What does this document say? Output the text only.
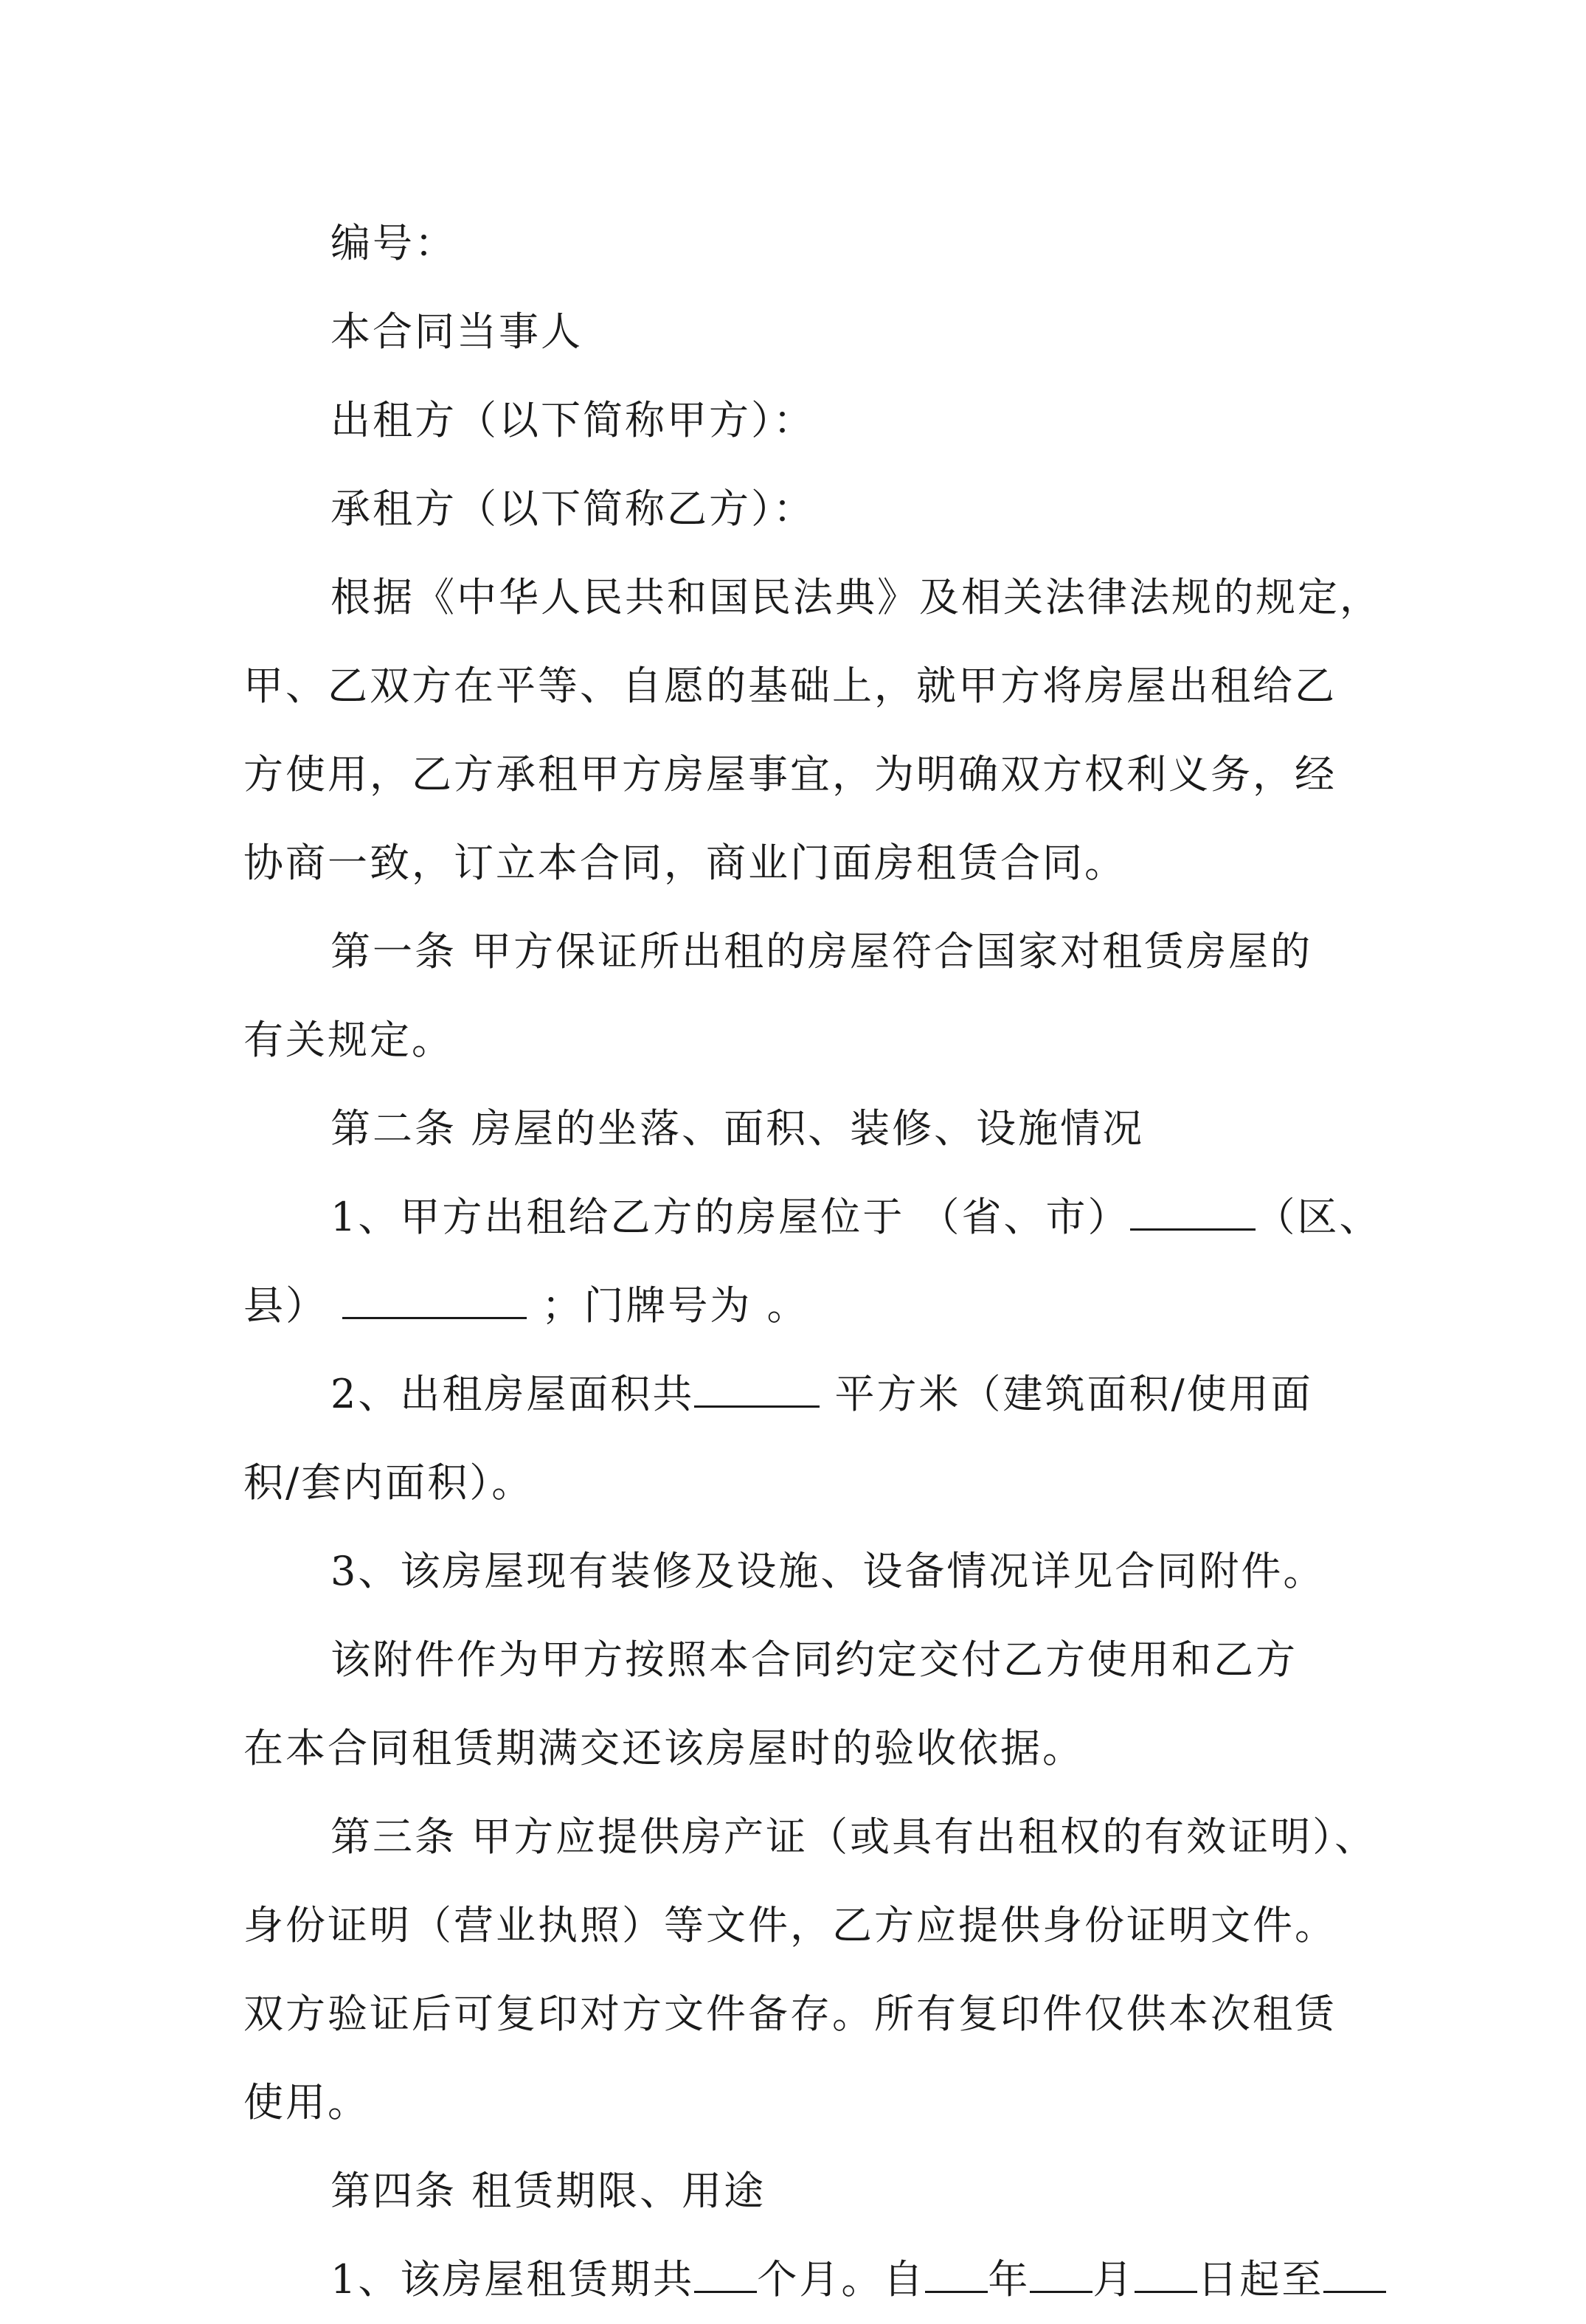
编号：
本合同当事人
出租方（以下简称甲方）：
承租方（以下简称乙方）：
根据《中华人民共和国民法典》及相关法律法规的规定，
甲、乙双方在平等、自愿的基础上，就甲方将房屋出租给乙
方使用，乙方承租甲方房屋事宜，为明确双方权利义务，经
协商一致，订立本合同，商业门面房租赁合同。
第一条 甲方保证所出租的房屋符合国家对租赁房屋的
有关规定。
第二条 房屋的坐落、面积、装修、设施情况
1、甲方出租给乙方的房屋位于 （省、市）	（区、
县）	；门牌号为 。
2、出租房屋面积共	平方米（建筑面积/使用面
积/套内面积）。
3、该房屋现有装修及设施、设备情况详见合同附件。
该附件作为甲方按照本合同约定交付乙方使用和乙方
在本合同租赁期满交还该房屋时的验收依据。
第三条 甲方应提供房产证（或具有出租权的有效证明）、
身份证明（营业执照）等文件，乙方应提供身份证明文件。
双方验证后可复印对方文件备存。所有复印件仅供本次租赁
使用。
第四条 租赁期限、用途
1、该房屋租赁期共 个月。自 年 月 日起至
